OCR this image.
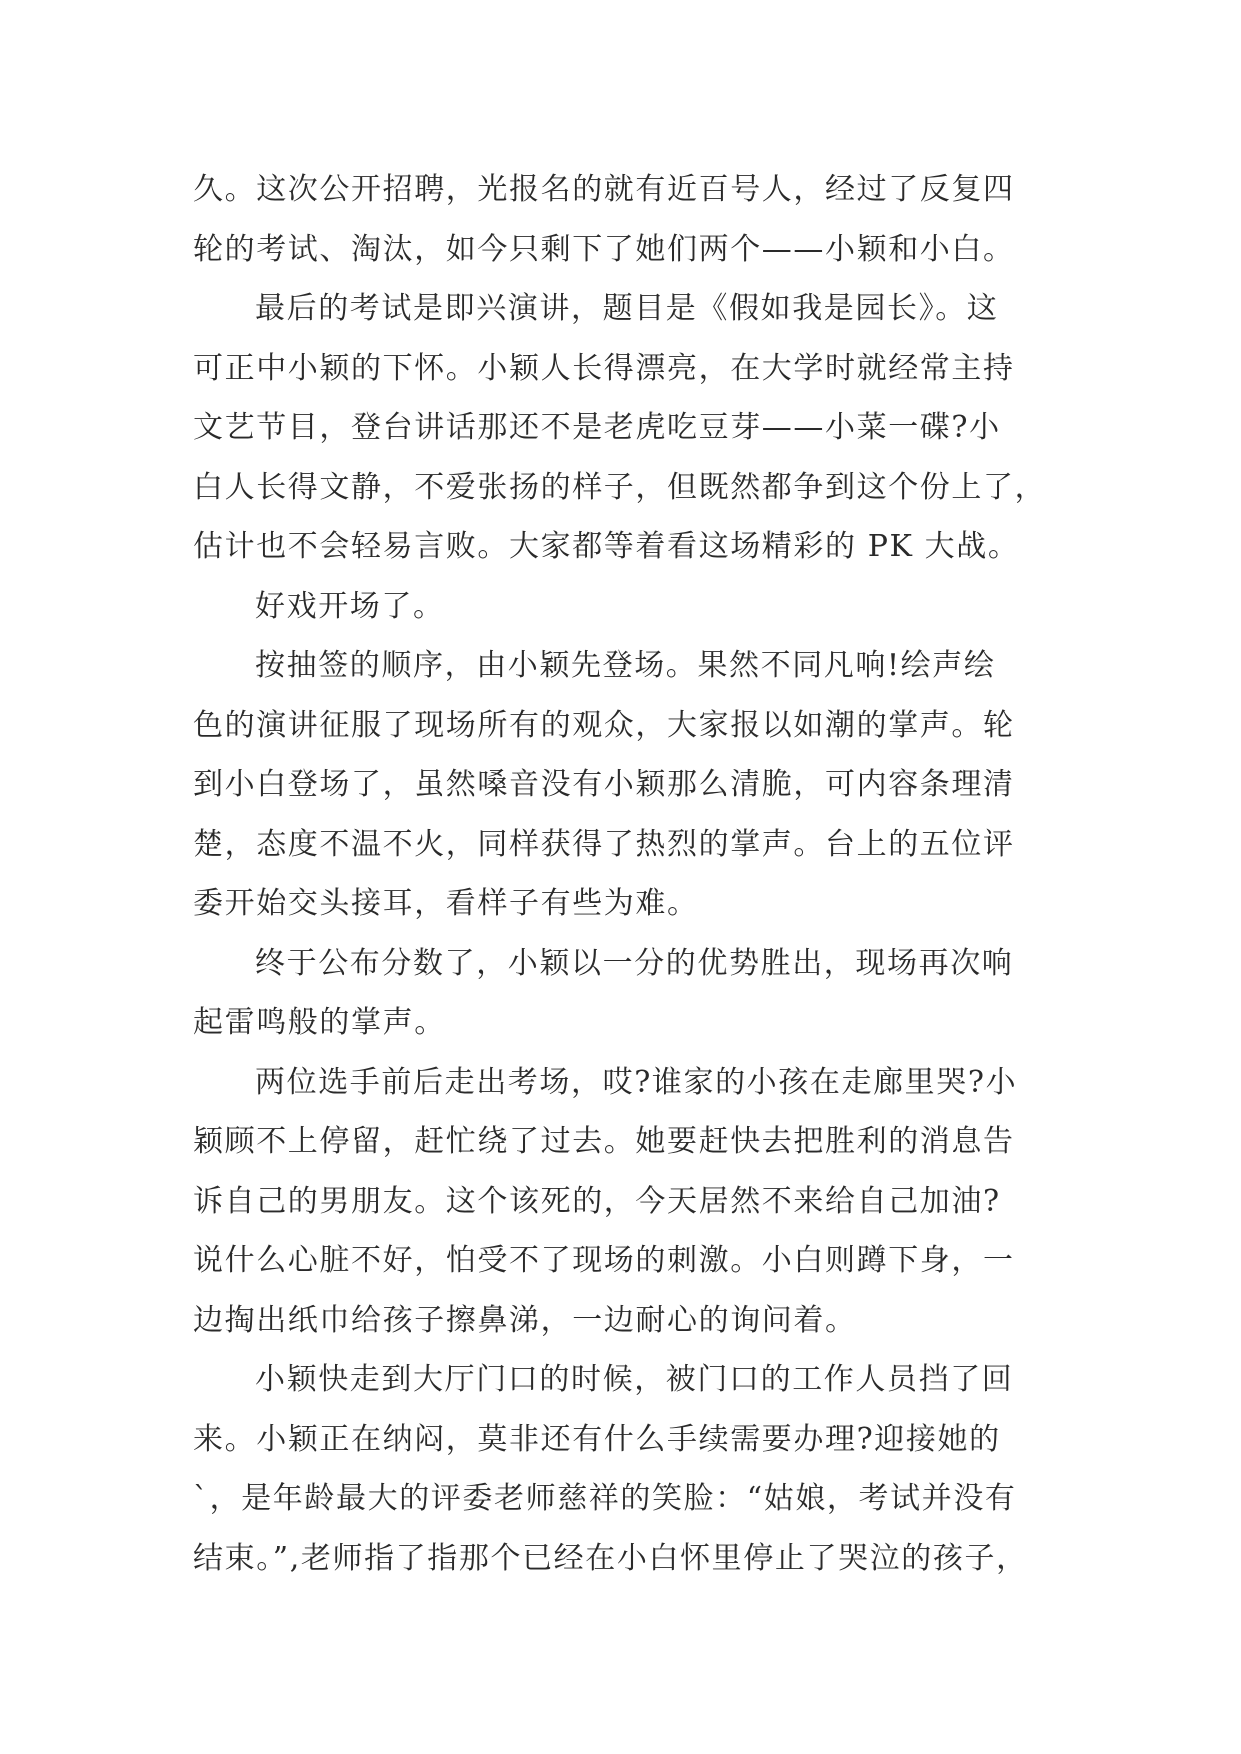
久。这次公开招聘，光报名的就有近百号人，经过了反复四
轮的考试、淘汰，如今只剩下了她们两个——小颖和小白。
最后的考试是即兴演讲，题目是《假如我是园长》。这
可正中小颖的下怀。小颖人长得漂亮，在大学时就经常主持
文艺节目，登台讲话那还不是老虎吃豆芽——小菜一碟?小
白人长得文静，不爱张扬的样子，但既然都争到这个份上了，
估计也不会轻易言败。大家都等着看这场精彩的 PK 大战。
好戏开场了。
按抽签的顺序，由小颖先登场。果然不同凡响!绘声绘
色的演讲征服了现场所有的观众，大家报以如潮的掌声。轮
到小白登场了，虽然嗓音没有小颖那么清脆，可内容条理清
楚，态度不温不火，同样获得了热烈的掌声。台上的五位评
委开始交头接耳，看样子有些为难。
终于公布分数了，小颖以一分的优势胜出，现场再次响
起雷鸣般的掌声。
两位选手前后走出考场，哎?谁家的小孩在走廊里哭?小
颖顾不上停留，赶忙绕了过去。她要赶快去把胜利的消息告
诉自己的男朋友。这个该死的，今天居然不来给自己加油?
说什么心脏不好，怕受不了现场的刺激。小白则蹲下身，一
边掏出纸巾给孩子擦鼻涕，一边耐心的询问着。
小颖快走到大厅门口的时候，被门口的工作人员挡了回
来。小颖正在纳闷，莫非还有什么手续需要办理?迎接她的
`，是年龄最大的评委老师慈祥的笑脸：“姑娘，考试并没有
结束。”,老师指了指那个已经在小白怀里停止了哭泣的孩子，
